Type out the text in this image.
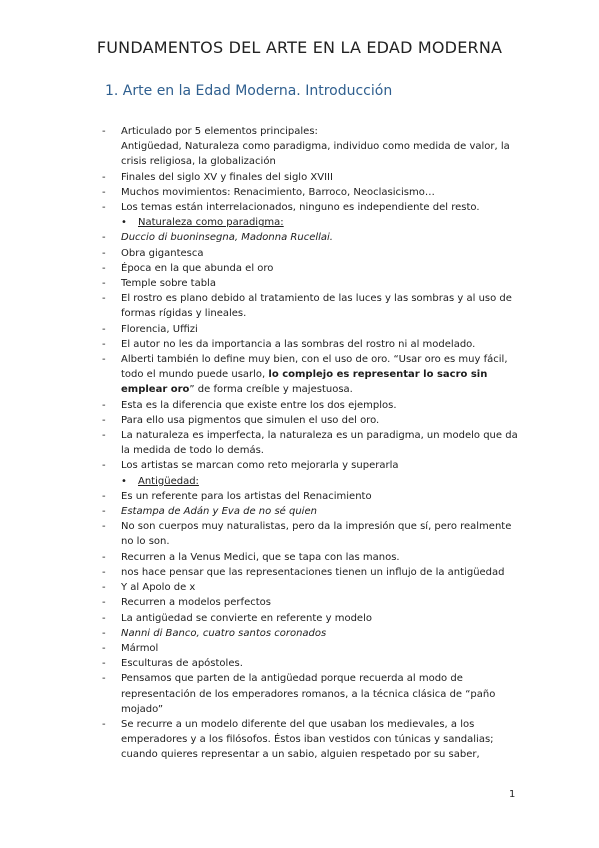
FUNDAMENTOS DEL ARTE EN LA EDAD MODERNA
1. Arte en la Edad Moderna. Introducción
- Articulado por 5 elementos principales:
Antigüedad, Naturaleza como paradigma, individuo como medida de valor, la crisis religiosa, la globalización
- Finales del siglo XV y finales del siglo XVIII
- Muchos movimientos: Renacimiento, Barroco, Neoclasicismo…
- Los temas están interrelacionados, ninguno es independiente del resto.
• Naturaleza como paradigma:
- Duccio di buoninsegna, Madonna Rucellai.
- Obra gigantesca
- Época en la que abunda el oro
- Temple sobre tabla
- El rostro es plano debido al tratamiento de las luces y las sombras y al uso de formas rígidas y lineales.
- Florencia, Uffizi
- El autor no les da importancia a las sombras del rostro ni al modelado.
- Alberti también lo define muy bien, con el uso de oro. “Usar oro es muy fácil, todo el mundo puede usarlo, lo complejo es representar lo sacro sin emplear oro” de forma creíble y majestuosa.
- Esta es la diferencia que existe entre los dos ejemplos.
- Para ello usa pigmentos que simulen el uso del oro.
- La naturaleza es imperfecta, la naturaleza es un paradigma, un modelo que da la medida de todo lo demás.
- Los artistas se marcan como reto mejorarla y superarla
• Antigüedad:
- Es un referente para los artistas del Renacimiento
- Estampa de Adán y Eva de no sé quien
- No son cuerpos muy naturalistas, pero da la impresión que sí, pero realmente no lo son.
- Recurren a la Venus Medici, que se tapa con las manos.
- nos hace pensar que las representaciones tienen un influjo de la antigüedad
- Y al Apolo de x
- Recurren a modelos perfectos
- La antigüedad se convierte en referente y modelo
- Nanni di Banco, cuatro santos coronados
- Mármol
- Esculturas de apóstoles.
- Pensamos que parten de la antigüedad porque recuerda al modo de representación de los emperadores romanos, a la técnica clásica de “paño mojado”
- Se recurre a un modelo diferente del que usaban los medievales, a los emperadores y a los filósofos. Éstos iban vestidos con túnicas y sandalias; cuando quieres representar a un sabio, alguien respetado por su saber,
1
